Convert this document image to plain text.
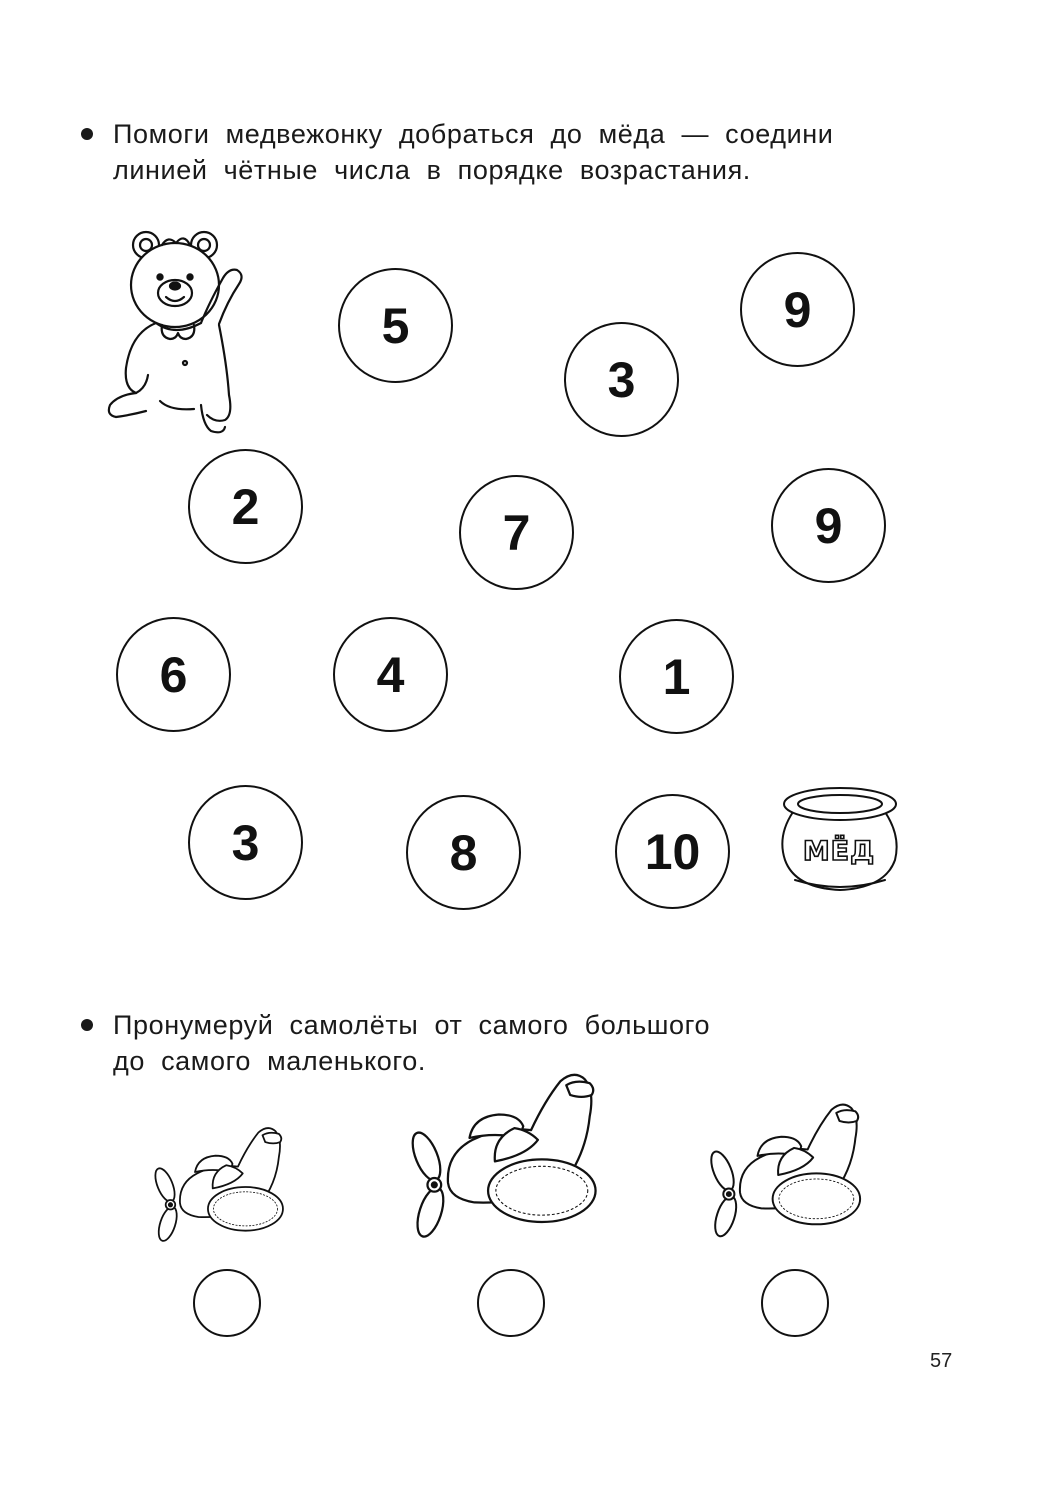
Помоги медвежонку добраться до мёда — соедини
линией чётные числа в порядке возрастания.
5
3
9
2	7	9
6	4	1
3	8	10	МЁД
Пронумеруй самолёты от самого большого
до самого маленького.
57
